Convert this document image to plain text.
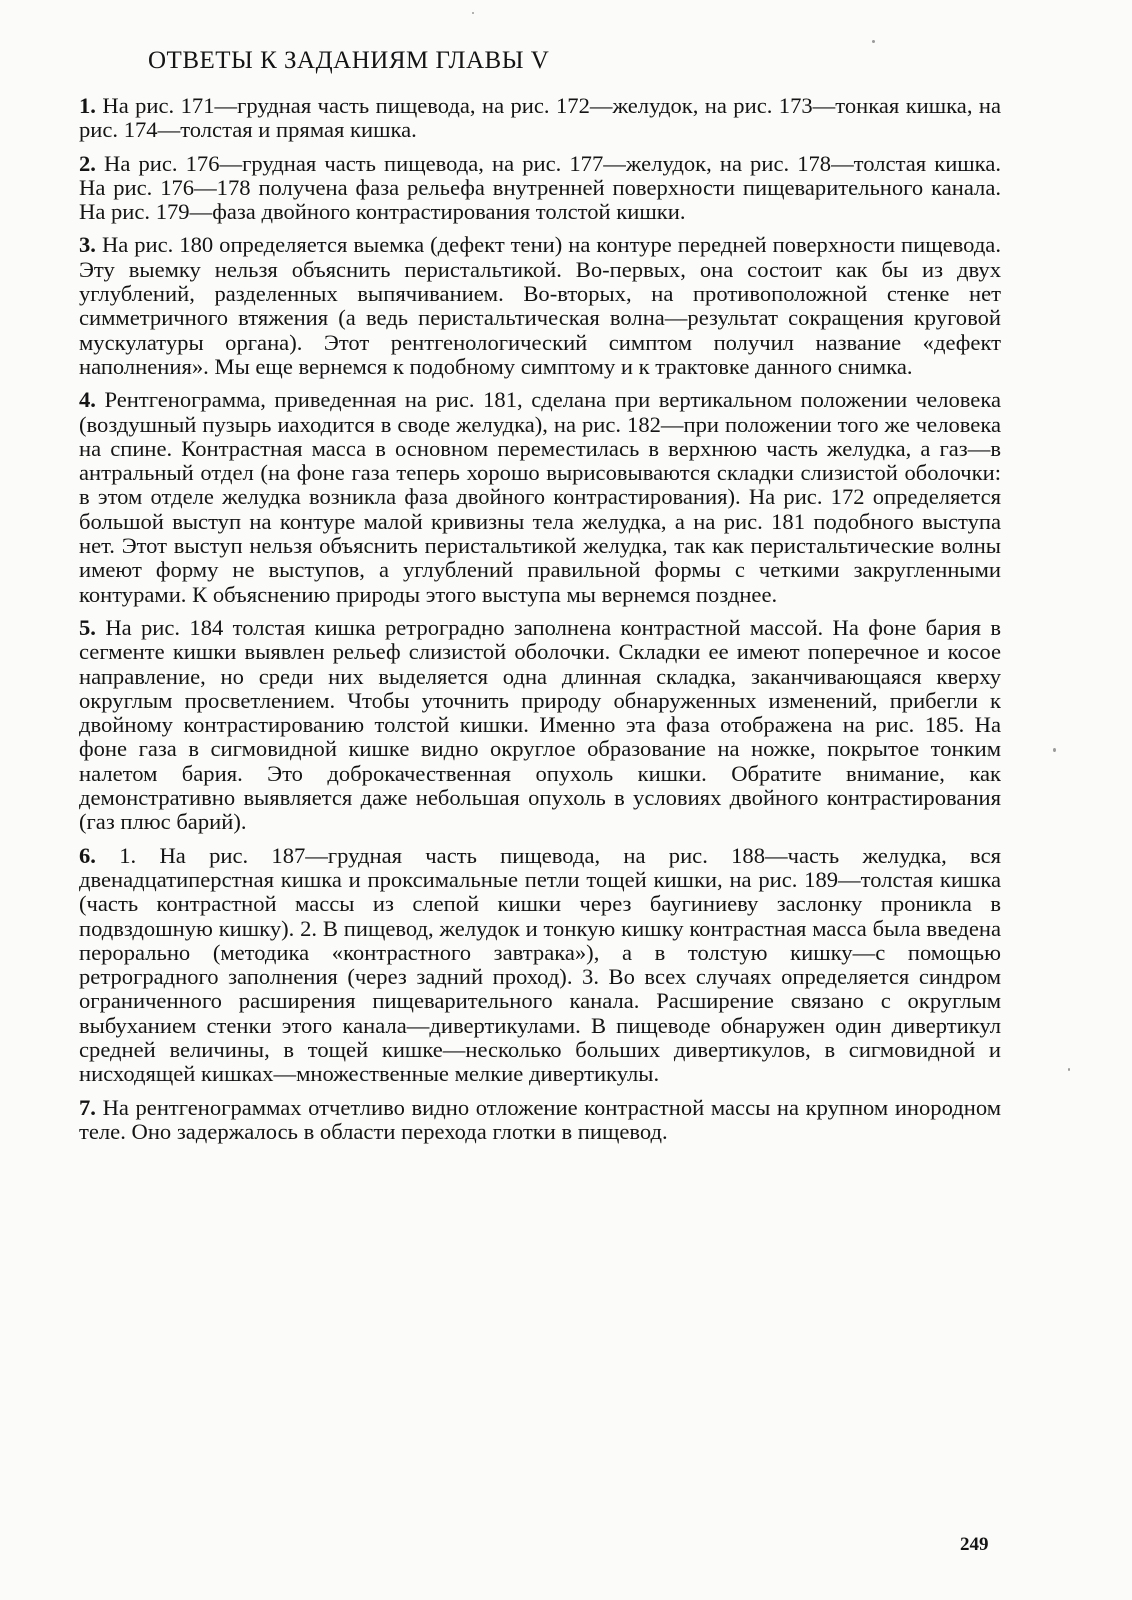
ОТВЕТЫ К ЗАДАНИЯМ ГЛАВЫ V

1. На рис. 171—грудная часть пищевода, на рис. 172—желудок, на рис. 173—тонкая кишка, на рис. 174—толстая и прямая кишка.

2. На рис. 176—грудная часть пищевода, на рис. 177—желудок, на рис. 178—толстая кишка. На рис. 176—178 получена фаза рельефа внутренней поверхности пищеварительного канала. На рис. 179—фаза двойного контрастирования толстой кишки.

3. На рис. 180 определяется выемка (дефект тени) на контуре передней поверхности пищевода. Эту выемку нельзя объяснить перистальтикой. Во-первых, она состоит как бы из двух углублений, разделенных выпячиванием. Во-вторых, на противоположной стенке нет симметричного втяжения (а ведь перистальтическая волна—результат сокращения круговой мускулатуры органа). Этот рентгенологический симптом получил название «дефект наполнения». Мы еще вернемся к подобному симптому и к трактовке данного снимка.

4. Рентгенограмма, приведенная на рис. 181, сделана при вертикальном положении человека (воздушный пузырь иаходится в своде желудка), на рис. 182—при положении того же человека на спине. Контрастная масса в основном переместилась в верхнюю часть желудка, а газ—в антральный отдел (на фоне газа теперь хорошо вырисовываются складки слизистой оболочки: в этом отделе желудка возникла фаза двойного контрастирования). На рис. 172 определяется большой выступ на контуре малой кривизны тела желудка, а на рис. 181 подобного выступа нет. Этот выступ нельзя объяснить перистальтикой желудка, так как перистальтические волны имеют форму не выступов, а углублений правильной формы с четкими закругленными контурами. К объяснению природы этого выступа мы вернемся позднее.

5. На рис. 184 толстая кишка ретроградно заполнена контрастной массой. На фоне бария в сегменте кишки выявлен рельеф слизистой оболочки. Складки ее имеют поперечное и косое направление, но среди них выделяется одна длинная складка, заканчивающаяся кверху округлым просветлением. Чтобы уточнить природу обнаруженных изменений, прибегли к двойному контрастированию толстой кишки. Именно эта фаза отображена на рис. 185. На фоне газа в сигмовидной кишке видно округлое образование на ножке, покрытое тонким налетом бария. Это доброкачественная опухоль кишки. Обратите внимание, как демонстративно выявляется даже небольшая опухоль в условиях двойного контрастирования (газ плюс барий).

6. 1. На рис. 187—грудная часть пищевода, на рис. 188—часть желудка, вся двенадцатиперстная кишка и проксимальные петли тощей кишки, на рис. 189—толстая кишка (часть контрастной массы из слепой кишки через баугиниеву заслонку проникла в подвздошную кишку). 2. В пищевод, желудок и тонкую кишку контрастная масса была введена перорально (методика «контрастного завтрака»), а в толстую кишку—с помощью ретроградного заполнения (через задний проход). 3. Во всех случаях определяется синдром ограниченного расширения пищеварительного канала. Расширение связано с округлым выбуханием стенки этого канала—дивертикулами. В пищеводе обнаружен один дивертикул средней величины, в тощей кишке—несколько больших дивертикулов, в сигмовидной и нисходящей кишках—множественные мелкие дивертикулы.

7. На рентгенограммах отчетливо видно отложение контрастной массы на крупном инородном теле. Оно задержалось в области перехода глотки в пищевод.

249
